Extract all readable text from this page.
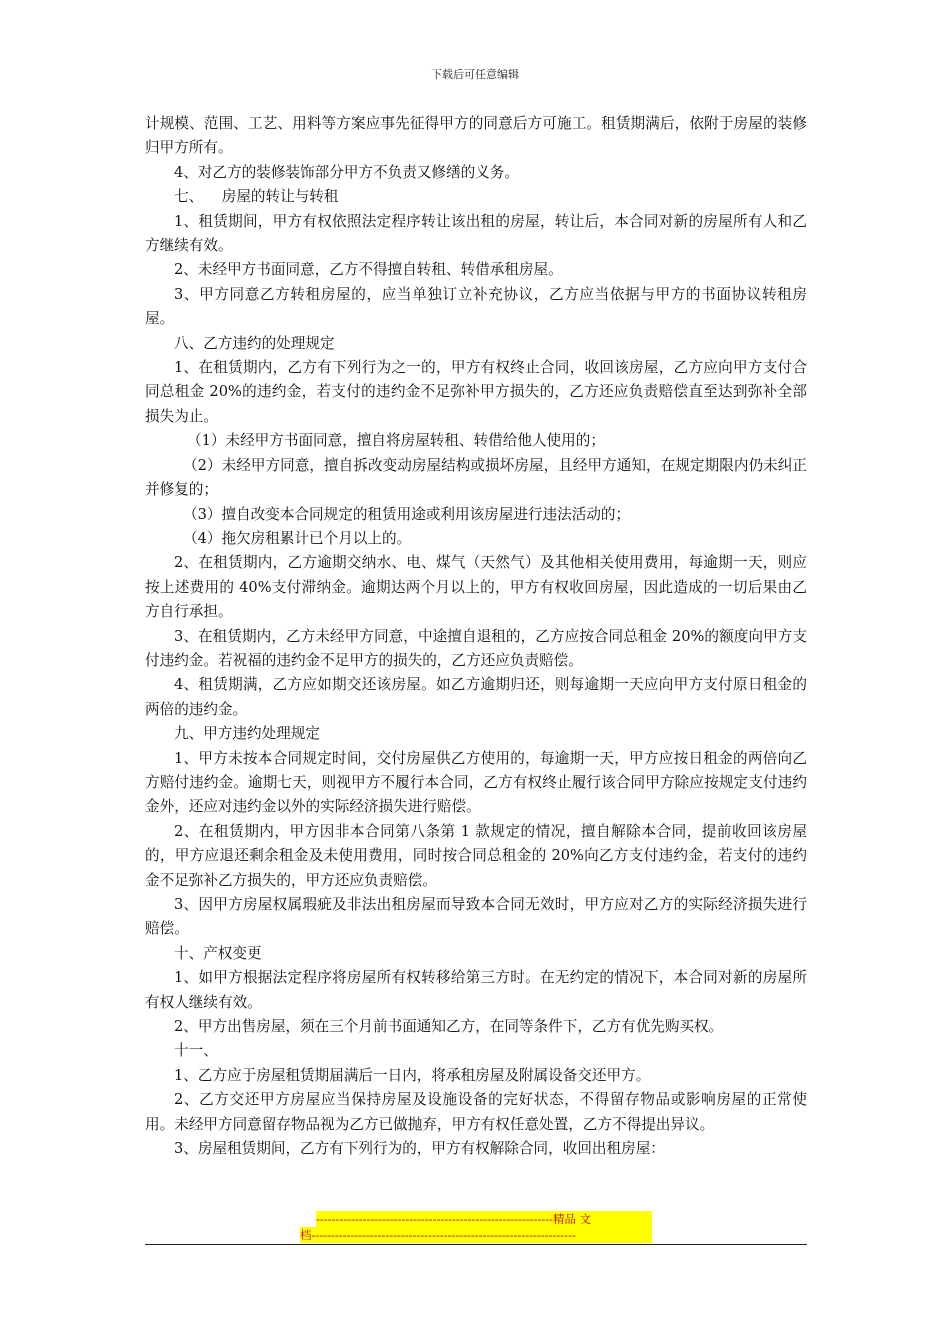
下载后可任意编辑

计规模、范围、工艺、用料等方案应事先征得甲方的同意后方可施工。租赁期满后，依附于房屋的装修归甲方所有。

4、对乙方的装修装饰部分甲方不负责又修缮的义务。

七、    房屋的转让与转租

1、租赁期间，甲方有权依照法定程序转让该出租的房屋，转让后，本合同对新的房屋所有人和乙方继续有效。

2、未经甲方书面同意，乙方不得擅自转租、转借承租房屋。

3、甲方同意乙方转租房屋的，应当单独订立补充协议，乙方应当依据与甲方的书面协议转租房屋。

八、乙方违约的处理规定

1、在租赁期内，乙方有下列行为之一的，甲方有权终止合同，收回该房屋，乙方应向甲方支付合同总租金 20%的违约金，若支付的违约金不足弥补甲方损失的，乙方还应负责赔偿直至达到弥补全部损失为止。

（1）未经甲方书面同意，擅自将房屋转租、转借给他人使用的；

（2）未经甲方同意，擅自拆改变动房屋结构或损坏房屋，且经甲方通知，在规定期限内仍未纠正并修复的；

（3）擅自改变本合同规定的租赁用途或利用该房屋进行违法活动的；

（4）拖欠房租累计已个月以上的。

2、在租赁期内，乙方逾期交纳水、电、煤气（天然气）及其他相关使用费用，每逾期一天，则应按上述费用的 40%支付滞纳金。逾期达两个月以上的，甲方有权收回房屋，因此造成的一切后果由乙方自行承担。

3、在租赁期内，乙方未经甲方同意，中途擅自退租的，乙方应按合同总租金 20%的额度向甲方支付违约金。若祝福的违约金不足甲方的损失的，乙方还应负责赔偿。

4、租赁期满，乙方应如期交还该房屋。如乙方逾期归还，则每逾期一天应向甲方支付原日租金的两倍的违约金。

九、甲方违约处理规定

1、甲方未按本合同规定时间，交付房屋供乙方使用的，每逾期一天，甲方应按日租金的两倍向乙方赔付违约金。逾期七天，则视甲方不履行本合同，乙方有权终止履行该合同甲方除应按规定支付违约金外，还应对违约金以外的实际经济损失进行赔偿。

2、在租赁期内，甲方因非本合同第八条第 1 款规定的情况，擅自解除本合同，提前收回该房屋的，甲方应退还剩余租金及未使用费用，同时按合同总租金的 20%向乙方支付违约金，若支付的违约金不足弥补乙方损失的，甲方还应负责赔偿。

3、因甲方房屋权属瑕疵及非法出租房屋而导致本合同无效时，甲方应对乙方的实际经济损失进行赔偿。

十、产权变更

1、如甲方根据法定程序将房屋所有权转移给第三方时。在无约定的情况下，本合同对新的房屋所有权人继续有效。

2、甲方出售房屋，须在三个月前书面通知乙方，在同等条件下，乙方有优先购买权。

十一、

1、乙方应于房屋租赁期届满后一日内，将承租房屋及附属设备交还甲方。

2、乙方交还甲方房屋应当保持房屋及设施设备的完好状态，不得留存物品或影响房屋的正常使用。未经甲方同意留存物品视为乙方已做抛弃，甲方有权任意处置，乙方不得提出异议。

3、房屋租赁期间，乙方有下列行为的，甲方有权解除合同，收回出租房屋：

-------------------------------------------------------------精品 文
档--------------------------------------------------------------------
